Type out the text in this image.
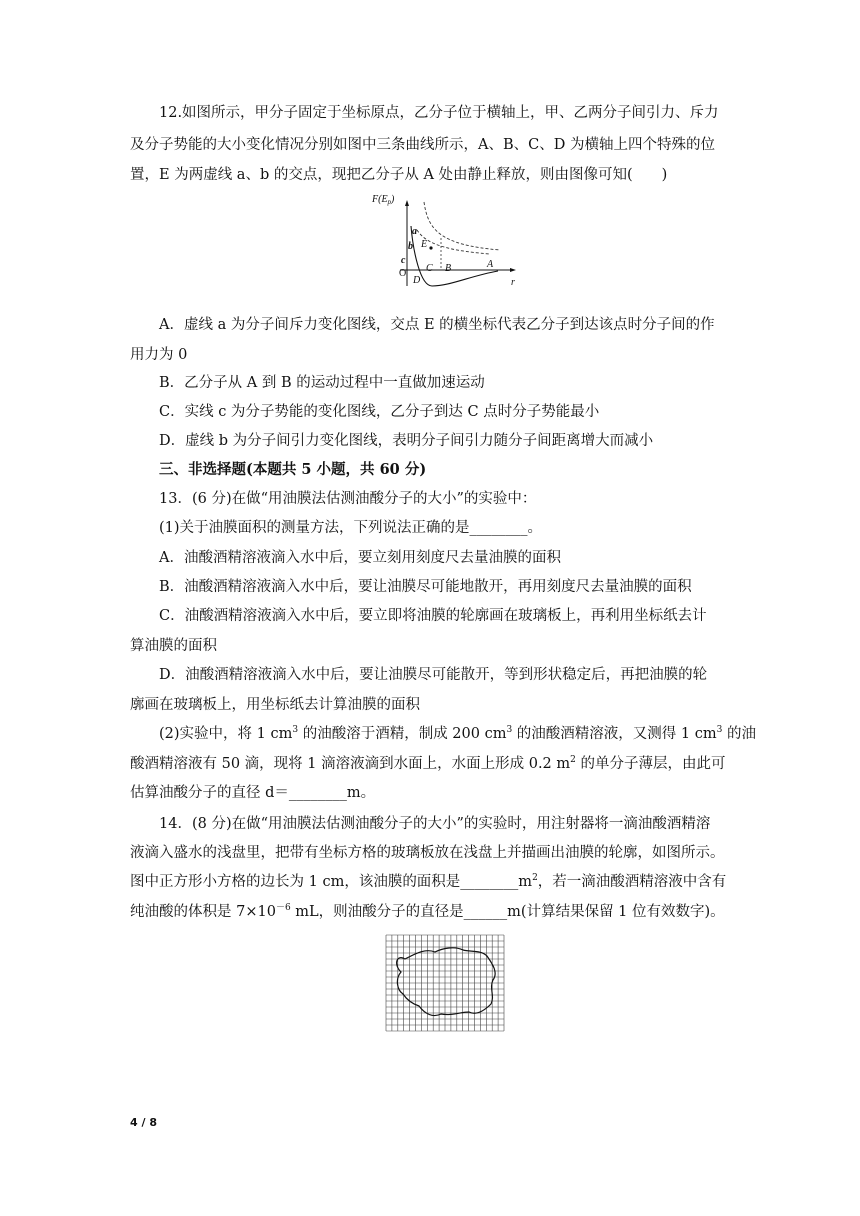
12.如图所示，甲分子固定于坐标原点，乙分子位于横轴上，甲、乙两分子间引力、斥力
及分子势能的大小变化情况分别如图中三条曲线所示，A、B、C、D 为横轴上四个特殊的位
置，E 为两虚线 a、b 的交点，现把乙分子从 A 处由静止释放，则由图像可知(　　)
$F(E_p)$
r
O
a
b E
c
C B	A
D
A．虚线 a 为分子间斥力变化图线，交点 E 的横坐标代表乙分子到达该点时分子间的作
用力为 0
B．乙分子从 A 到 B 的运动过程中一直做加速运动
C．实线 c 为分子势能的变化图线，乙分子到达 C 点时分子势能最小
D．虚线 b 为分子间引力变化图线，表明分子间引力随分子间距离增大而减小
三、非选择题(本题共 5 小题，共 60 分)
13．(6 分)在做“用油膜法估测油酸分子的大小”的实验中：
(1)关于油膜面积的测量方法，下列说法正确的是________。
A．油酸酒精溶液滴入水中后，要立刻用刻度尺去量油膜的面积
B．油酸酒精溶液滴入水中后，要让油膜尽可能地散开，再用刻度尺去量油膜的面积
C．油酸酒精溶液滴入水中后，要立即将油膜的轮廓画在玻璃板上，再利用坐标纸去计
算油膜的面积
D．油酸酒精溶液滴入水中后，要让油膜尽可能散开，等到形状稳定后，再把油膜的轮
廓画在玻璃板上，用坐标纸去计算油膜的面积
(2)实验中，将 1 $cm^3$ 的油酸溶于酒精，制成 200 $cm^3$ 的油酸酒精溶液，又测得 1 $cm^3$ 的油
酸酒精溶液有 50 滴，现将 1 滴溶液滴到水面上，水面上形成 0.2 $m^2$ 的单分子薄层，由此可
估算油酸分子的直径 d＝________m。
14．(8 分)在做“用油膜法估测油酸分子的大小”的实验时，用注射器将一滴油酸酒精溶
液滴入盛水的浅盘里，把带有坐标方格的玻璃板放在浅盘上并描画出油膜的轮廓，如图所示。
图中正方形小方格的边长为 1 cm，该油膜的面积是$\_\_\_\_\_\_\_\_m^2$，若一滴油酸酒精溶液中含有
纯油酸的体积是 $7\times 10^{-6}$ mL，则油酸分子的直径是______m(计算结果保留 1 位有效数字)。
4 / 8
